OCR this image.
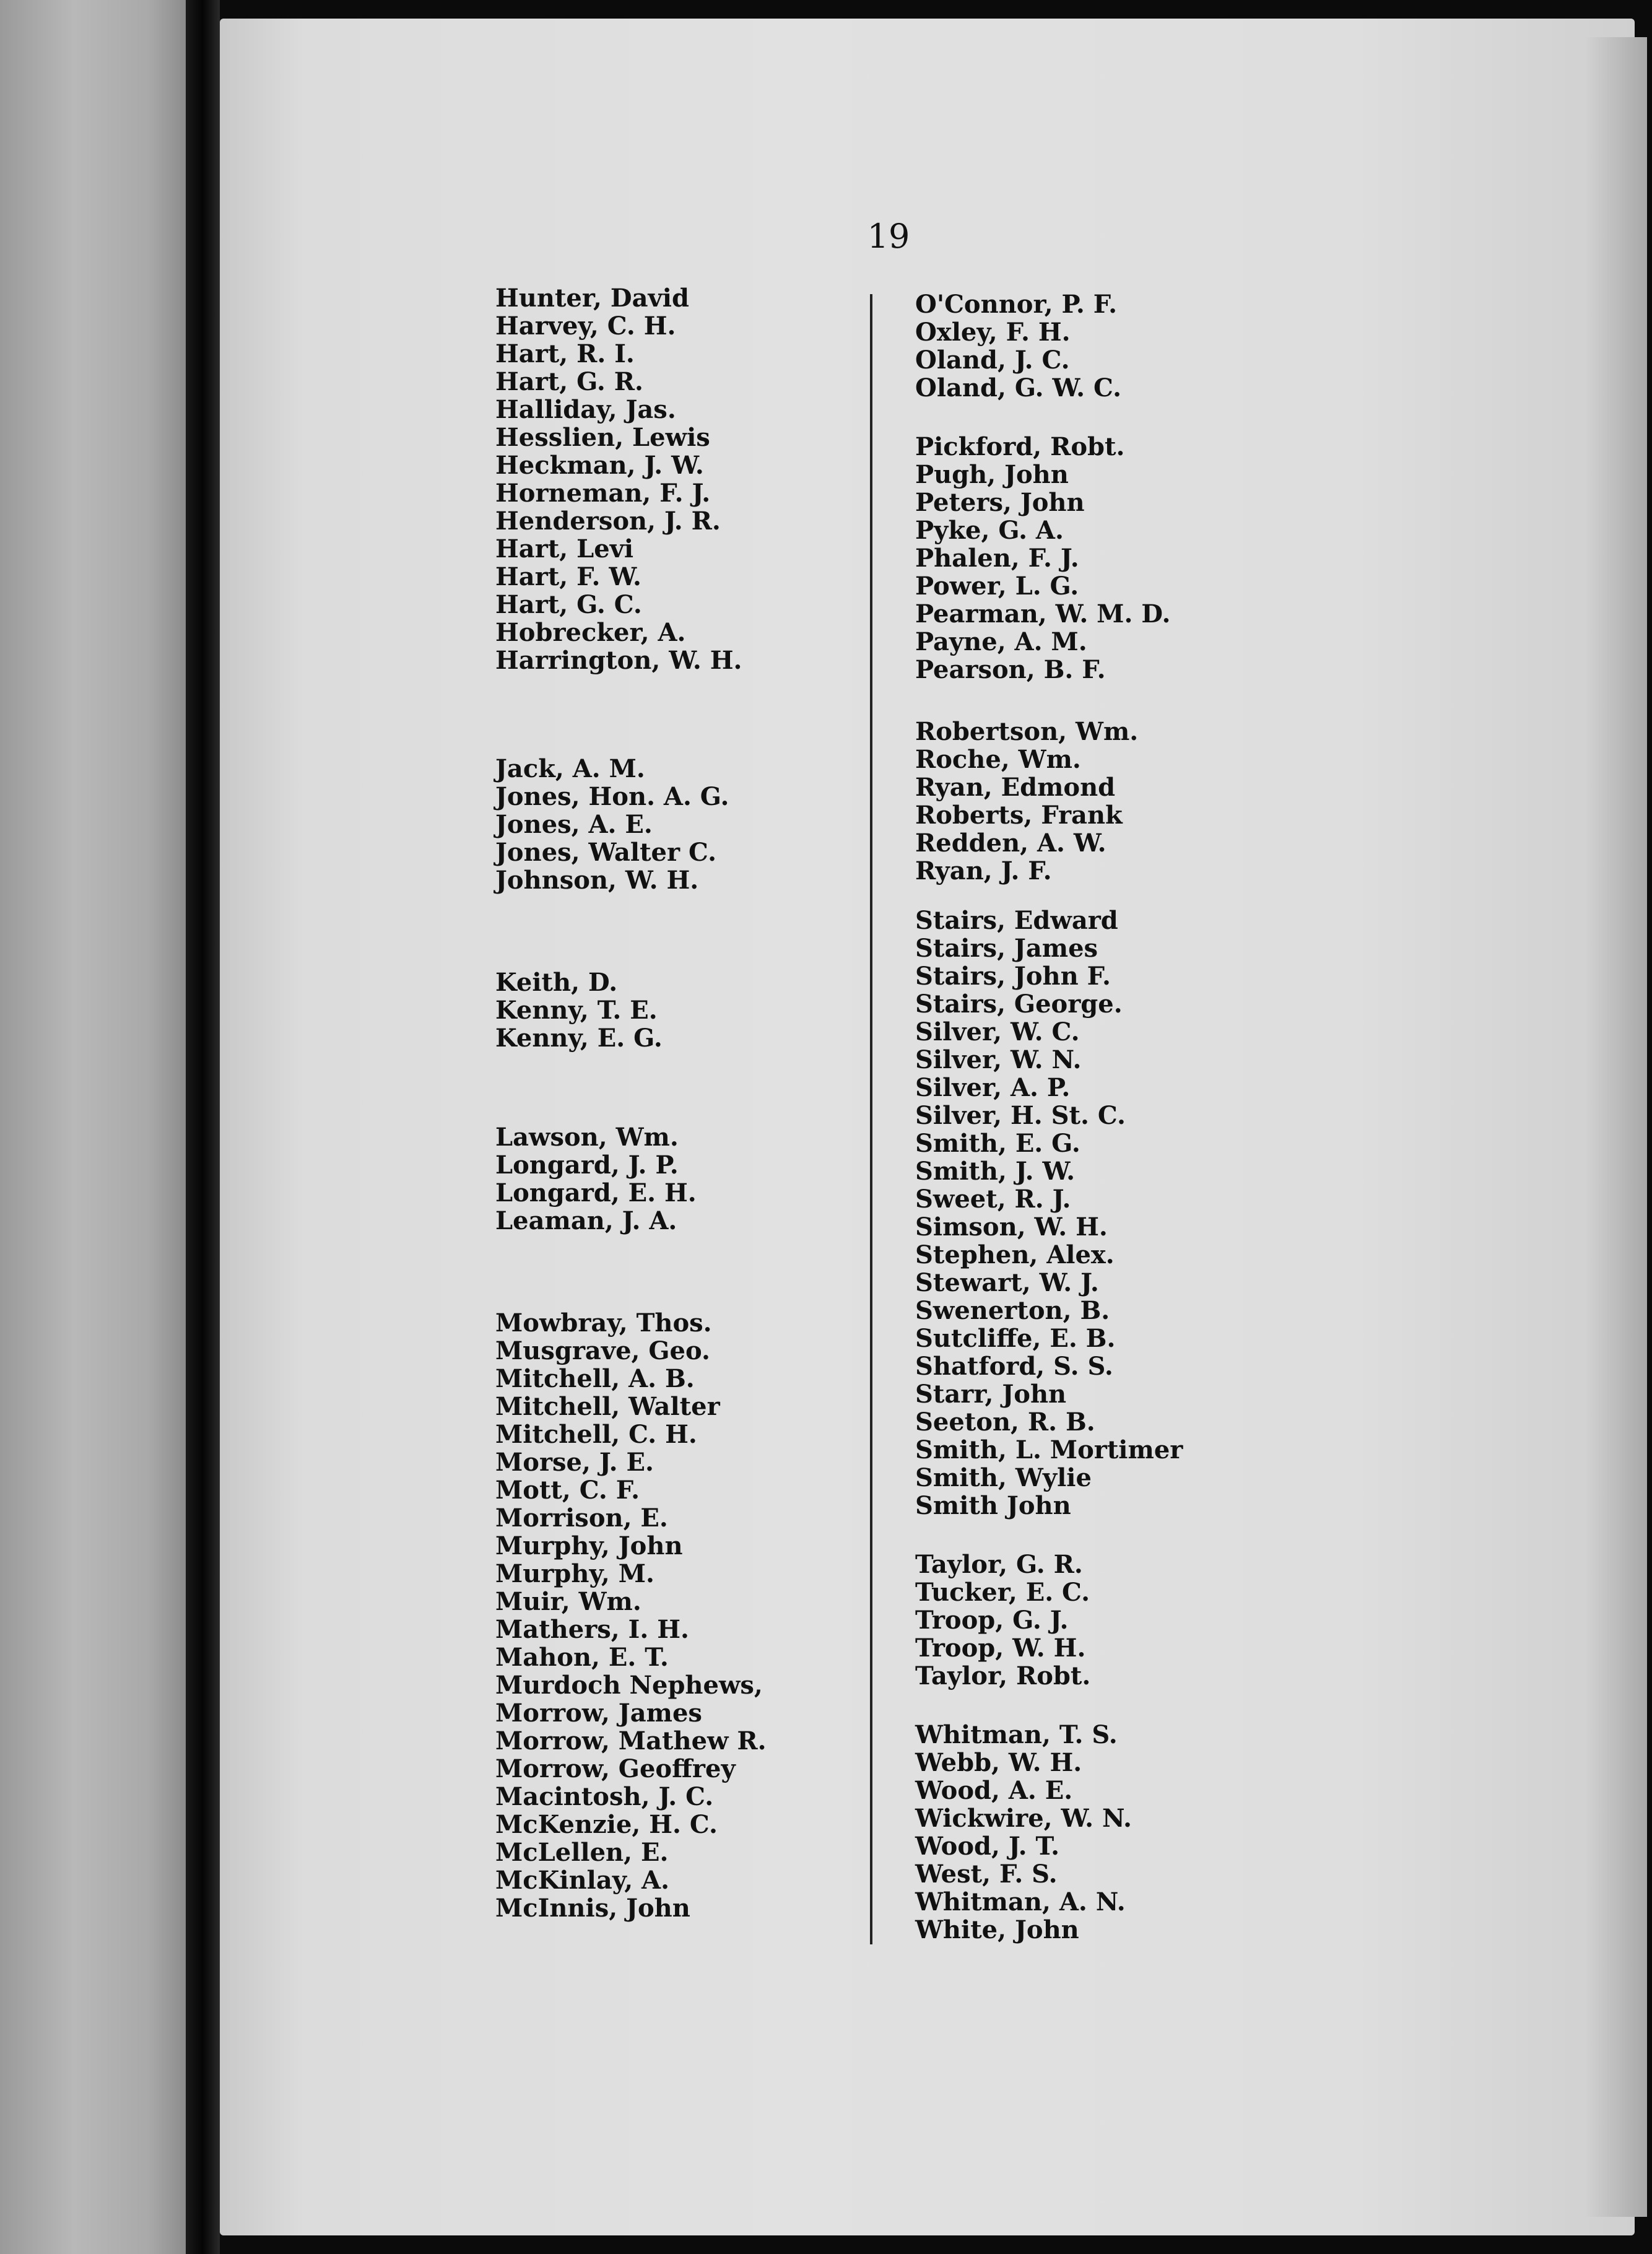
19
Hunter, David
Harvey, C. H.
Hart, R. I.
Hart, G. R.
Halliday, Jas.
Hesslien, Lewis
Heckman, J. W.
Horneman, F. J.
Henderson, J. R.
Hart, Levi
Hart, F. W.
Hart, G. C.
Hobrecker, A.
Harrington, W. H.
Jack, A. M.
Jones, Hon. A. G.
Jones, A. E.
Jones, Walter C.
Johnson, W. H.
Keith, D.
Kenny, T. E.
Kenny, E. G.
Lawson, Wm.
Longard, J. P.
Longard, E. H.
Leaman, J. A.
Mowbray, Thos.
Musgrave, Geo.
Mitchell, A. B.
Mitchell, Walter
Mitchell, C. H.
Morse, J. E.
Mott, C. F.
Morrison, E.
Murphy, John
Murphy, M.
Muir, Wm.
Mathers, I. H.
Mahon, E. T.
Murdoch Nephews,
Morrow, James
Morrow, Mathew R.
Morrow, Geoffrey
Macintosh, J. C.
McKenzie, H. C.
McLellen, E.
McKinlay, A.
McInnis, John
O'Connor, P. F.
Oxley, F. H.
Oland, J. C.
Oland, G. W. C.
Pickford, Robt.
Pugh, John
Peters, John
Pyke, G. A.
Phalen, F. J.
Power, L. G.
Pearman, W. M. D.
Payne, A. M.
Pearson, B. F.
Robertson, Wm.
Roche, Wm.
Ryan, Edmond
Roberts, Frank
Redden, A. W.
Ryan, J. F.
Stairs, Edward
Stairs, James
Stairs, John F.
Stairs, George.
Silver, W. C.
Silver, W. N.
Silver, A. P.
Silver, H. St. C.
Smith, E. G.
Smith, J. W.
Sweet, R. J.
Simson, W. H.
Stephen, Alex.
Stewart, W. J.
Swenerton, B.
Sutcliffe, E. B.
Shatford, S. S.
Starr, John
Seeton, R. B.
Smith, L. Mortimer
Smith, Wylie
Smith John
Taylor, G. R.
Tucker, E. C.
Troop, G. J.
Troop, W. H.
Taylor, Robt.
Whitman, T. S.
Webb, W. H.
Wood, A. E.
Wickwire, W. N.
Wood, J. T.
West, F. S.
Whitman, A. N.
White, John
